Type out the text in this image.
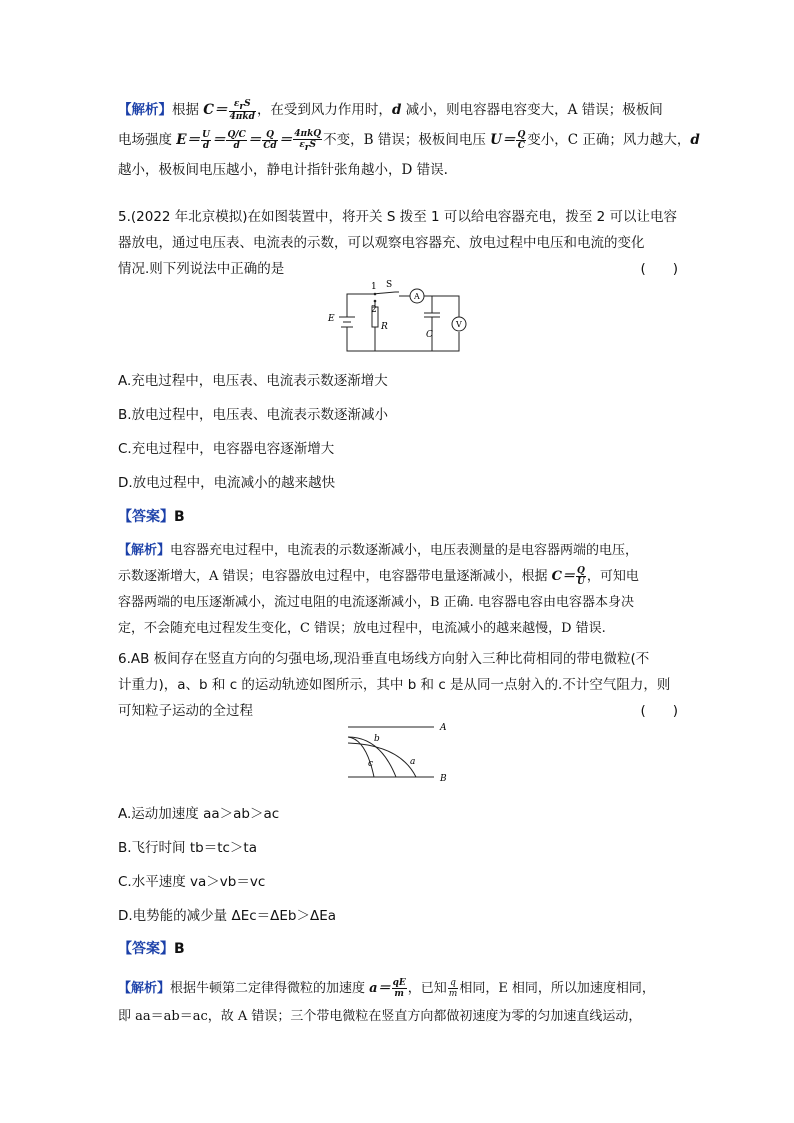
【解析】根据 $C= \frac{\varepsilon_rS}{\text{4πkd}}$ ，在受到风力作用时，d 减小，则电容器电容变大，A 错误；极板间
电场强度 $E= \frac{U}{d} = \frac{Q/C}{d} = \frac{Q}{Cd} = \frac{\text{4πkQ}}{\varepsilon_rS}$ 不变，B 错误；极板间电压 $U= \frac{Q}{C}$ 变小，C 正确；风力越大，d
越小，极板间电压越小，静电计指针张角越小，D 错误.
5.(2022 年北京模拟)在如图装置中，将开关 S 拨至 1 可以给电容器充电，拨至 2 可以让电容
器放电，通过电压表、电流表的示数，可以观察电容器充、放电过程中电压和电流的变化
情况.则下列说法中正确的是	(　　)
1 S
2
A
V
E
R
C
A.充电过程中，电压表、电流表示数逐渐增大
B.放电过程中，电压表、电流表示数逐渐减小
C.充电过程中，电容器电容逐渐增大
D.放电过程中，电流减小的越来越快
【答案】B
【解析】电容器充电过程中，电流表的示数逐渐减小，电压表测量的是电容器两端的电压，
示数逐渐增大，A 错误；电容器放电过程中，电容器带电量逐渐减小，根据 $C= \frac{Q}{U}$ ，可知电
容器两端的电压逐渐减小，流过电阻的电流逐渐减小，B 正确. 电容器电容由电容器本身决
定，不会随充电过程发生变化，C 错误；放电过程中，电流减小的越来越慢，D 错误.
6.AB 板间存在竖直方向的匀强电场,现沿垂直电场线方向射入三种比荷相同的带电微粒(不
计重力)，a、b 和 c 的运动轨迹如图所示，其中 b 和 c 是从同一点射入的.不计空气阻力，则
可知粒子运动的全过程	(　　)
A
B
b
c	a
A.运动加速度 aa＞ab＞ac
B.飞行时间 tb＝tc＞ta
C.水平速度 va＞vb＝vc
D.电势能的减少量 ΔEc＝ΔEb＞ΔEa
【答案】B
【解析】根据牛顿第二定律得微粒的加速度 $a= \frac{qE}{m}$ ，已知 $\frac{q}{m}$ 相同，E 相同，所以加速度相同，
即 aa＝ab＝ac，故 A 错误；三个带电微粒在竖直方向都做初速度为零的匀加速直线运动，
